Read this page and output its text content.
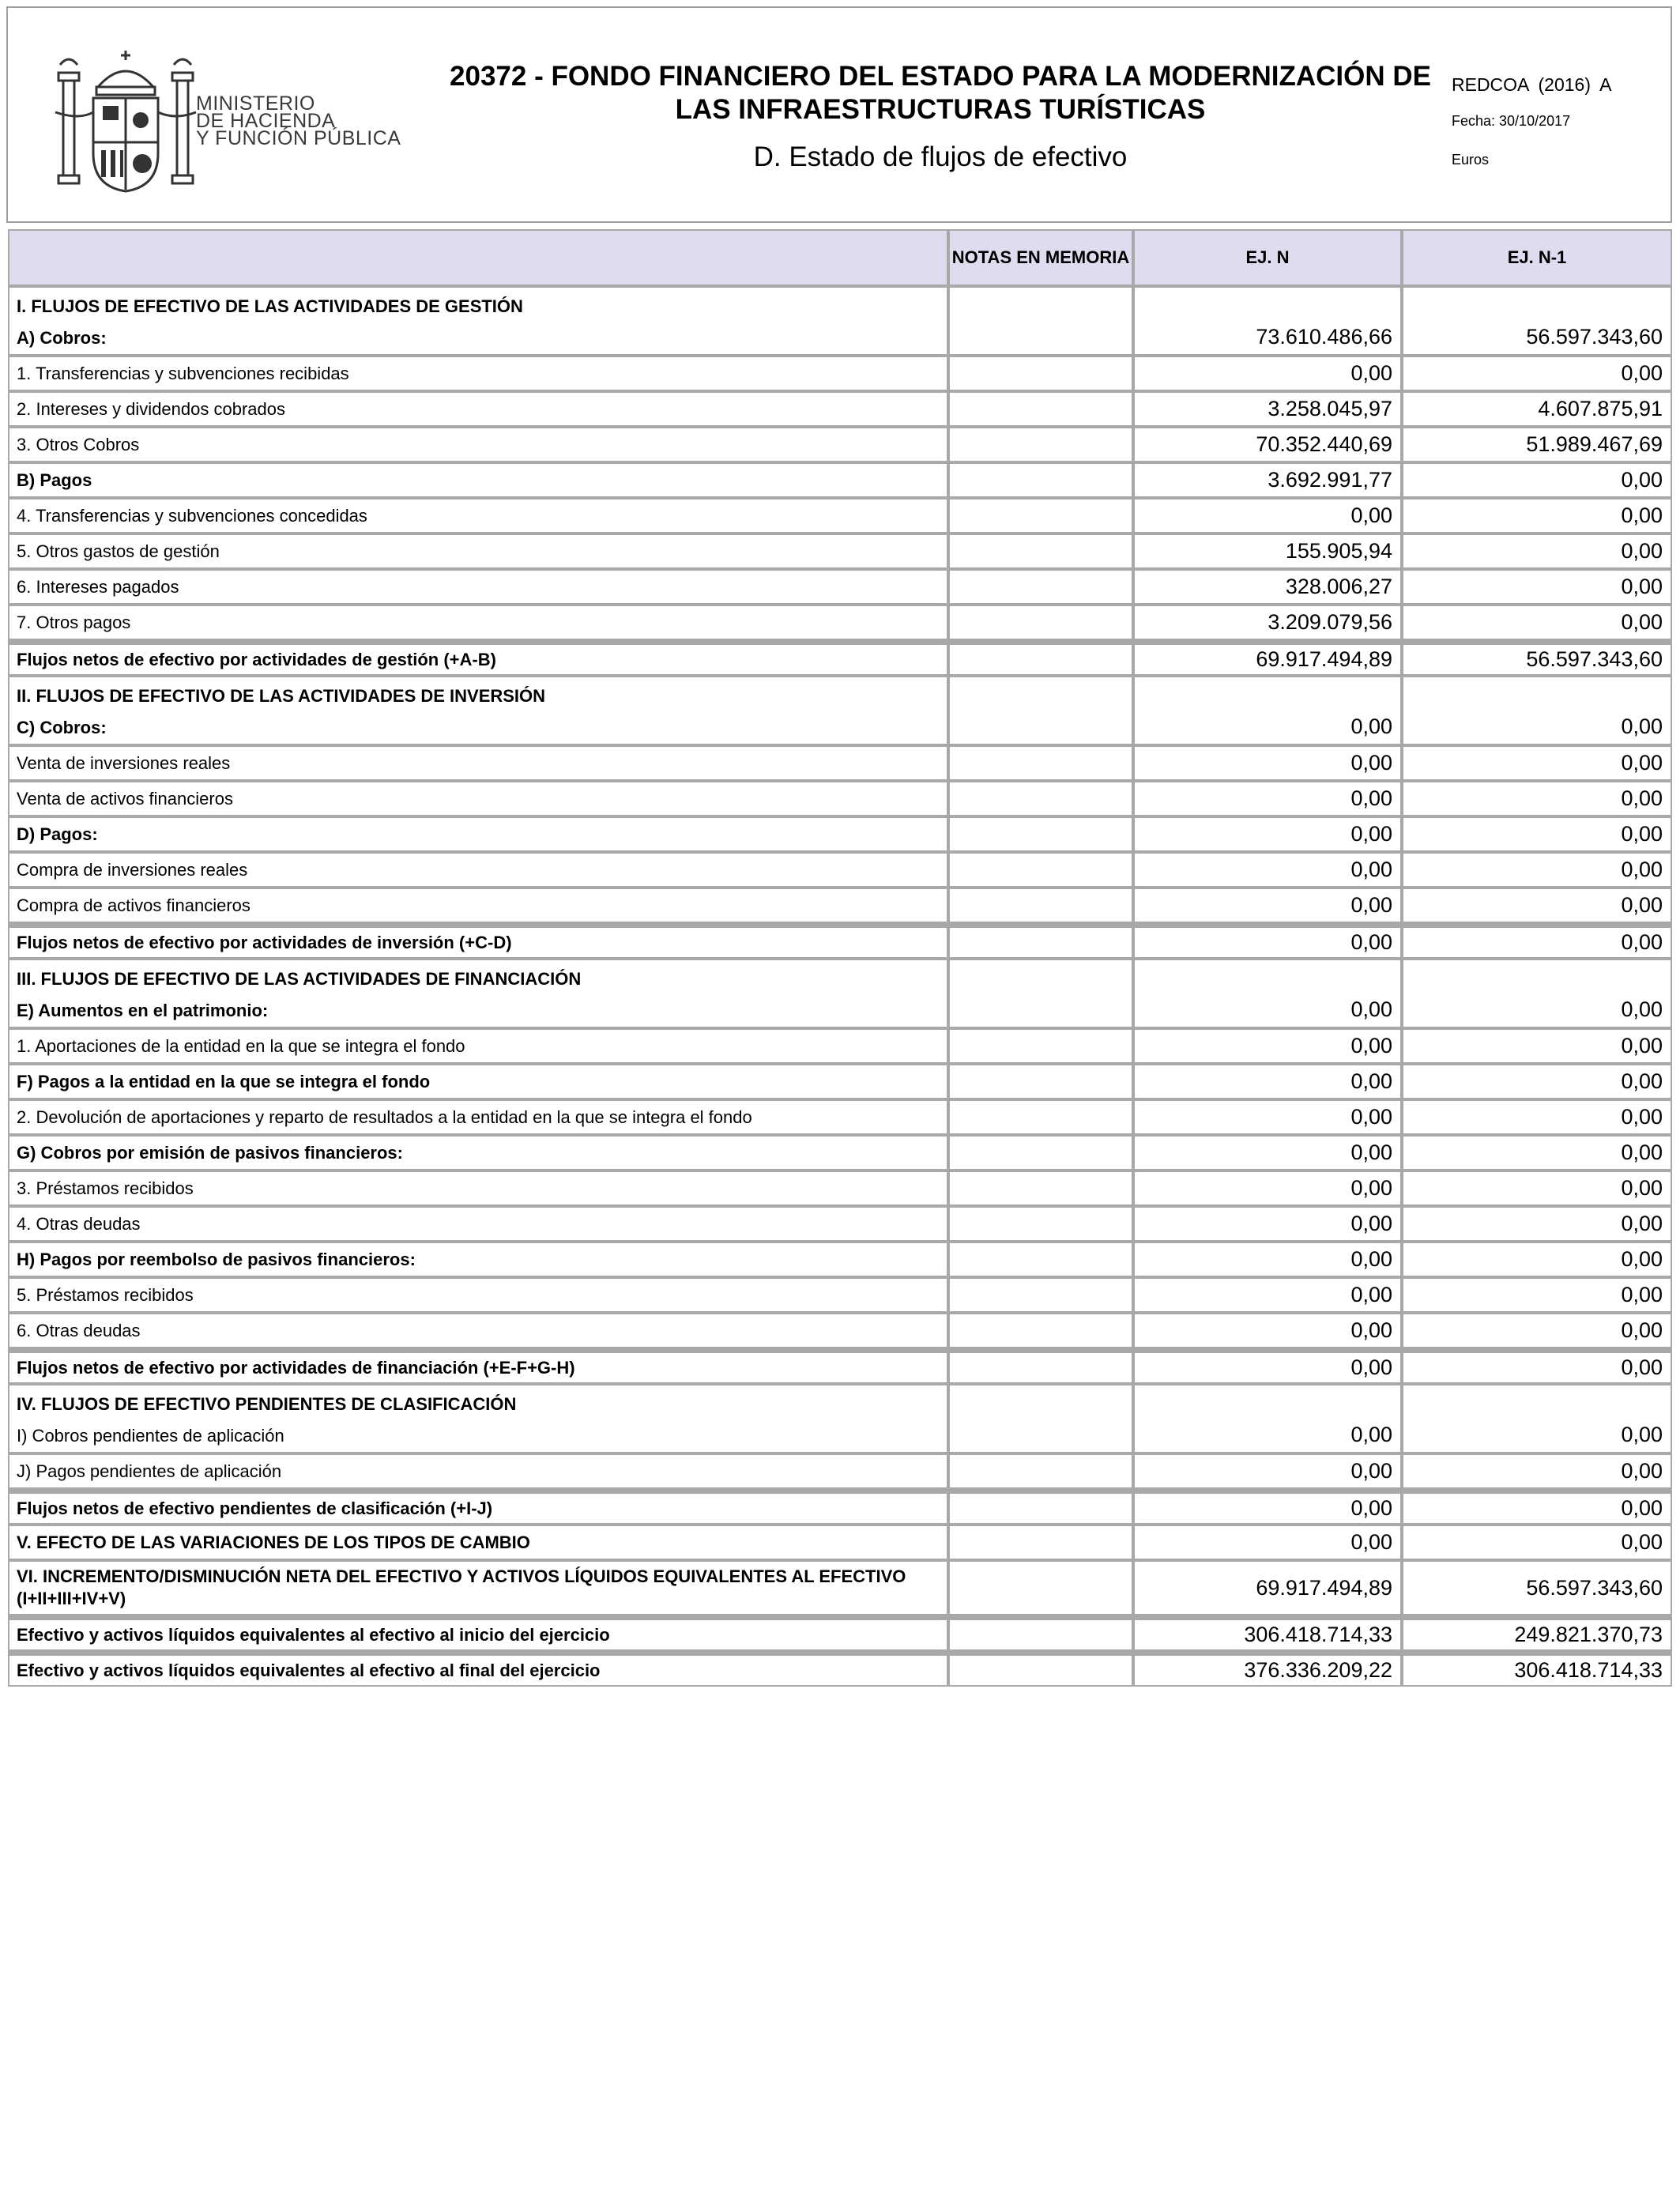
MINISTERIO
DE HACIENDA
Y FUNCIÓN PÚBLICA
20372 - FONDO FINANCIERO DEL ESTADO PARA LA MODERNIZACIÓN DE
LAS INFRAESTRUCTURAS TURÍSTICAS
D. Estado de flujos de efectivo
REDCOA (2016) A
Fecha: 30/10/2017
Euros
	NOTAS EN MEMORIA	EJ. N	EJ. N-1

I. FLUJOS DE EFECTIVO DE LAS ACTIVIDADES DE GESTIÓN
A) Cobros:		73.610.486,66	56.597.343,60

1. Transferencias y subvenciones recibidas		0,00	0,00

2. Intereses y dividendos cobrados		3.258.045,97	4.607.875,91

3. Otros Cobros		70.352.440,69	51.989.467,69

B) Pagos		3.692.991,77	0,00

4. Transferencias y subvenciones concedidas		0,00	0,00

5. Otros gastos de gestión		155.905,94	0,00

6. Intereses pagados		328.006,27	0,00

7. Otros pagos		3.209.079,56	0,00

Flujos netos de efectivo por actividades de gestión (+A-B)		69.917.494,89	56.597.343,60

II. FLUJOS DE EFECTIVO DE LAS ACTIVIDADES DE INVERSIÓN
C) Cobros:		0,00	0,00

Venta de inversiones reales		0,00	0,00

Venta de activos financieros		0,00	0,00

D) Pagos:		0,00	0,00

Compra de inversiones reales		0,00	0,00

Compra de activos financieros		0,00	0,00

Flujos netos de efectivo por actividades de inversión (+C-D)		0,00	0,00

III. FLUJOS DE EFECTIVO DE LAS ACTIVIDADES DE FINANCIACIÓN
E) Aumentos en el patrimonio:		0,00	0,00

1. Aportaciones de la entidad en la que se integra el fondo		0,00	0,00

F) Pagos a la entidad en la que se integra el fondo		0,00	0,00

2. Devolución de aportaciones y reparto de resultados a la entidad en la que se integra el fondo		0,00	0,00

G) Cobros por emisión de pasivos financieros:		0,00	0,00

3. Préstamos recibidos		0,00	0,00

4. Otras deudas		0,00	0,00

H) Pagos por reembolso de pasivos financieros:		0,00	0,00

5. Préstamos recibidos		0,00	0,00

6. Otras deudas		0,00	0,00

Flujos netos de efectivo por actividades de financiación (+E-F+G-H)		0,00	0,00

IV. FLUJOS DE EFECTIVO PENDIENTES DE CLASIFICACIÓN
I) Cobros pendientes de aplicación		0,00	0,00

J) Pagos pendientes de aplicación		0,00	0,00

Flujos netos de efectivo pendientes de clasificación (+I-J)		0,00	0,00

V. EFECTO DE LAS VARIACIONES DE LOS TIPOS DE CAMBIO		0,00	0,00

VI. INCREMENTO/DISMINUCIÓN NETA DEL EFECTIVO Y ACTIVOS LÍQUIDOS EQUIVALENTES AL EFECTIVO (I+II+III+IV+V)		69.917.494,89	56.597.343,60

Efectivo y activos líquidos equivalentes al efectivo al inicio del ejercicio		306.418.714,33	249.821.370,73

Efectivo y activos líquidos equivalentes al efectivo al final del ejercicio		376.336.209,22	306.418.714,33
